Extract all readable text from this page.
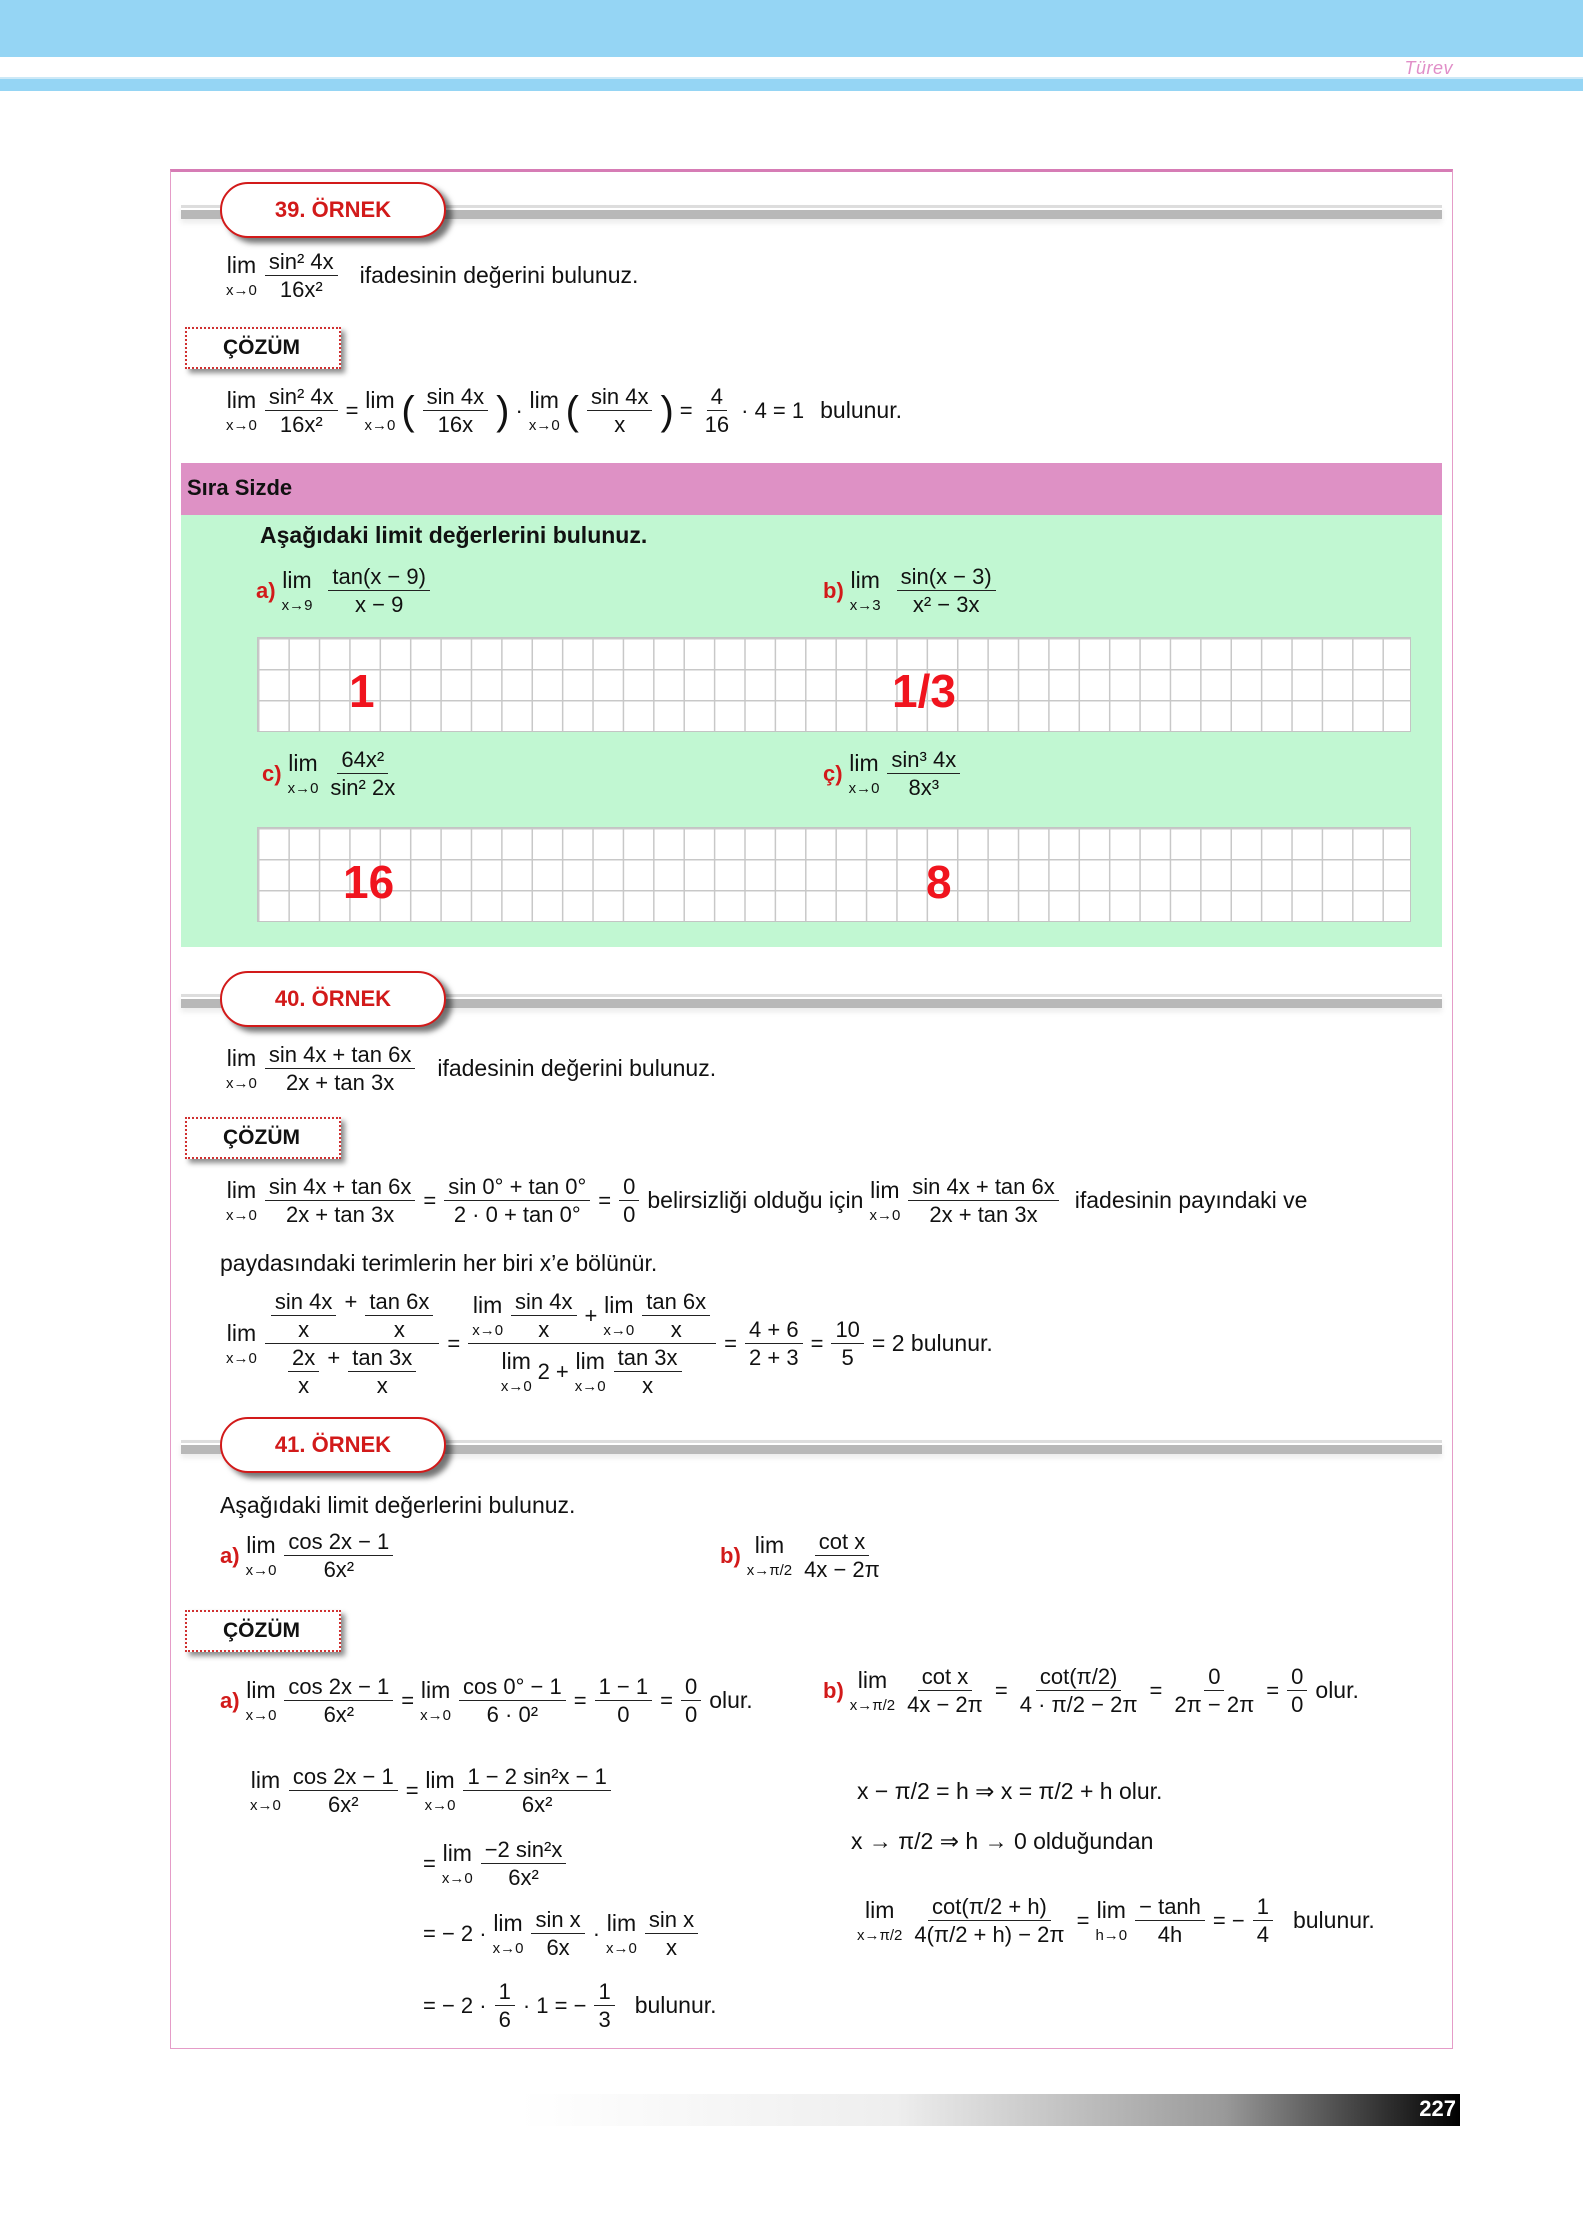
Türev
39. ÖRNEK
lim
$x\to 0 \frac{\text{sin² 4x}}{\text{16x²}}$ ifadesinin değerini bulunuz.
ÇÖZÜM
lim
$x\to 0 \frac{\text{sin² 4x}}{\text{16x²}} = \lim$
x→0 ( $\frac{\sin 4x}{16x}$ ) · lim
x→0 ( $\frac{\sin 4x}{x}$ ) = $\frac{4}{16} \cdot 4 = 1$ bulunur.
Sıra Sizde
Aşağıdaki limit değerlerini bulunuz.
a) lim
$x\to 9 \frac{\tan(x - 9)}{x - 9}$	b) lim
$x\to 3 \frac{\sin(x - 3)}{\text{x² − 3x}}$
1	1/3
c) lim
$x\to 0 \frac{\text{64x²}}{\text{sin² 2x}}$	ç) lim
$x\to 0 \frac{\text{sin³ 4x}}{\text{8x³}}$
16	8
40. ÖRNEK
lim
$x\to 0 \frac{\sin 4x + \tan 6x}{2x + \tan 3x}$ ifadesinin değerini bulunuz.
ÇÖZÜM
lim
$x\to 0 \frac{\sin 4x + \tan 6x}{2x + \tan 3x} = \frac{\sin 0^\circ + \tan 0^\circ}{2 \cdot 0 + \tan 0^\circ} = \frac{0}{0}$ belirsizliği olduğu için lim
$x\to 0 \frac{\sin 4x + \tan 6x}{2x + \tan 3x}$ ifadesinin payındaki ve
paydasındaki terimlerin her biri x’e bölünür.
lim
$x\to 0 \frac{\frac{\sin 4x}{x} + \frac{\tan 6x}{x}}{\frac{2x}{x} + \frac{\tan 3x}{x}} = \lim$
$x\to 0 \frac{\sin 4x}{x} + \lim$
$x\to 0 \frac{\tan 6x}{x}$
lim
x→0
2 + lim
$x\to 0 \frac{\tan 3x}{x} = \frac{4 + 6}{2 + 3} = \frac{10}{5} = 2$ bulunur.
41. ÖRNEK
Aşağıdaki limit değerlerini bulunuz.
a) lim
$x\to 0 \frac{\cos 2x - 1}{\text{6x²}}$	b) lim
$x\to\pi/2 \frac{\text{cot x}}{4x - 2\pi}$
ÇÖZÜM
a) lim
$x\to 0 \frac{\cos 2x - 1}{\text{6x²}} = \lim$
$x\to 0 \frac{\cos 0^\circ - 1}{\text{6 · 0²}} = \frac{1 - 1}{0} = \frac{0}{0}$ olur.
lim
$x\to 0 \frac{\cos 2x - 1}{\text{6x²}} = \lim$
$x\to 0 \frac{\text{1 − 2 sin²x − 1}}{\text{6x²}}$
= lim
$x\to 0 \frac{\text{−2 sin²x}}{\text{6x²}}$
= − 2 · lim
$x\to 0 \frac{\text{sin x}}{6x} \cdot \lim$
$x\to 0 \frac{\text{sin x}}{x}$
= − $2 \cdot \frac{1}{6} \cdot 1$ = − $\frac{1}{3}$ bulunur.
b) lim
$x\to\pi/2 \frac{\text{cot x}}{4x - 2\pi} = \frac{\cot(\pi/2)}{4 \cdot \pi/2 - 2\pi} = \frac{0}{2\pi - 2\pi} = \frac{0}{0}$ olur.
x − π/2 = h ⇒ x = π/2 + h olur.
x → π/2 ⇒ h → 0 olduğundan
lim
$x\to\pi/2 \frac{\cot(\pi/2 + h)}{4(\pi/2 + h) - 2\pi} = \lim$
$h\to 0 \frac{- \tanh}{4h}$ = − $\frac{1}{4}$ bulunur.
227
